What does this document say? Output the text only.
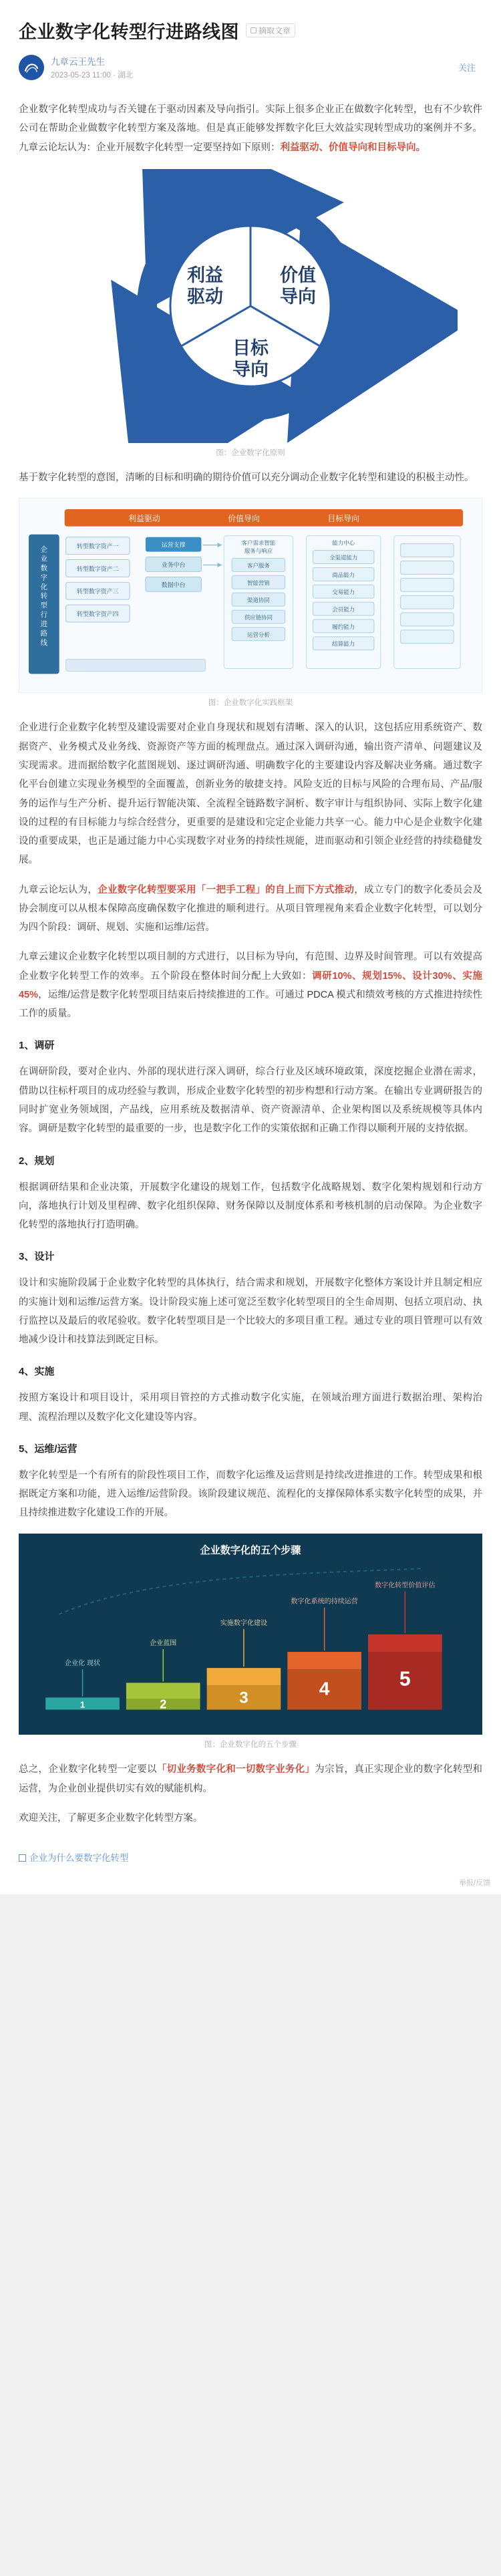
企业数字化转型行进路线图 摘取文章
九章云王先生
2023-05-23 11:00 · 湖北
关注

企业数字化转型成功与否关键在于驱动因素及导向指引。实际上很多企业正在做数字化转型，也有不少软件公司在帮助企业做数字化转型方案及落地。但是真正能够发挥数字化巨大效益实现转型成功的案例并不多。九章云论坛认为：企业开展数字化转型一定要坚持如下原则：利益驱动、价值导向和目标导向。

利益
驱动
价值
导向
目标
导向
图：企业数字化原则

基于数字化转型的意图，清晰的目标和明确的期待价值可以充分调动企业数字化转型和建设的积极主动性。

利益驱动	价值导向	目标导向
企
业
数
字
化
转
型
行
进
路
线
转型数字资产一
转型数字资产二
转型数字资产三
转型数字资产四
运营支撑
业务中台
数据中台
客户需求智能
服务与响应
客户服务
智能营销
渠道协同
供应链协同
运营分析
能力中心
全渠道能力
商品能力
交易能力
会员能力
履约能力
结算能力
图：企业数字化实践框架

企业进行企业数字化转型及建设需要对企业自身现状和规划有清晰、深入的认识，这包括应用系统资产、数据资产、业务模式及业务线、资源资产等方面的梳理盘点。通过深入调研沟通，输出资产清单、问题建议及实现需求。进而据给数字化蓝图规划、逐过调研沟通、明确数字化的主要建设内容及解决业务痛。通过数字化平台创建立实现业务模型的全面覆盖，创新业务的敏捷支持。风险支近的目标与风险的合理布局、产品/服务的运作与生产分析、提升运行智能决策、全流程全链路数字洞析、数字审计与组织协同、实际上数字化建设的过程的有目标能力与综合经营分，更重要的是建设和完定企业能力共享一心。能力中心是企业数字化建设的重要成果，也正是通过能力中心实现数字对业务的持续性规能，进而驱动和引领企业经营的持续稳健发展。

九章云论坛认为，企业数字化转型要采用「一把手工程」的自上而下方式推动，成立专门的数字化委员会及协会制度可以从根本保障高度确保数字化推进的顺利进行。从项目管理视角来看企业数字化转型，可以划分为四个阶段：调研、规划、实施和运维/运营。

九章云建议企业数字化转型以项目制的方式进行，以目标为导向，有范围、边界及时间管理。可以有效提高企业数字化转型工作的效率。五个阶段在整体时间分配上大致如：调研10%、规划15%、设计30%、实施 45%，运维/运营是数字化转型项目结束后持续推进的工作。可通过 PDCA 模式和绩效考核的方式推进持续性工作的质量。

1、调研

在调研阶段，要对企业内、外部的现状进行深入调研，综合行业及区域环境政策，深度挖掘企业潜在需求，借助以往标杆项目的成功经验与教训，形成企业数字化转型的初步构想和行动方案。在输出专业调研报告的同时扩宽业务领域图，产品线，应用系统及数据清单、资产资源清单、企业架构图以及系统规模等具体内容。调研是数字化转型的最重要的一步，也是数字化工作的实策依据和正确工作得以顺利开展的支持依据。

2、规划

根据调研结果和企业决策，开展数字化建设的规划工作，包括数字化战略规划、数字化架构规划和行动方向，落地执行计划及里程碑、数字化组织保障、财务保障以及制度体系和考核机制的启动保障。为企业数字化转型的落地执行打造明确。

3、设计

设计和实施阶段属于企业数字化转型的具体执行，结合需求和规划，开展数字化整体方案设计并且制定相应的实施计划和运维/运营方案。设计阶段实施上述可宽泛至数字化转型项目的全生命周期、包括立项启动、执行监控以及最后的收尾验收。数字化转型项目是一个比较大的多项目重工程。通过专业的项目管理可以有效地减少设计和技算法到既定目标。

4、实施

按照方案设计和项目设计，采用项目管控的方式推动数字化实施，在领域治理方面进行数据治理、架构治理、流程治理以及数字化文化建设等内容。

5、运维/运营

数字化转型是一个有所有的阶段性项目工作，而数字化运维及运营则是持续改进推进的工作。转型成果和根据既定方案和功能，进入运维/运营阶段。该阶段建议规范、流程化的支撑保障体系实数字化转型的成果，并且持续推进数字化建设工作的开展。

企业数字化的五个步骤
5
数字化转型价值评估
4
数字化系统的持续运营
3
实施数字化建设
2
企业蓝图
1
企业化 现状
图：企业数字化的五个步骤

总之，企业数字化转型一定要以「切业务数字化和一切数字业务化」为宗旨，真正实现企业的数字化转型和运营，为企业创业提供切实有效的赋能机构。

欢迎关注，了解更多企业数字化转型方案。

企业为什么要数字化转型
举报/反馈
